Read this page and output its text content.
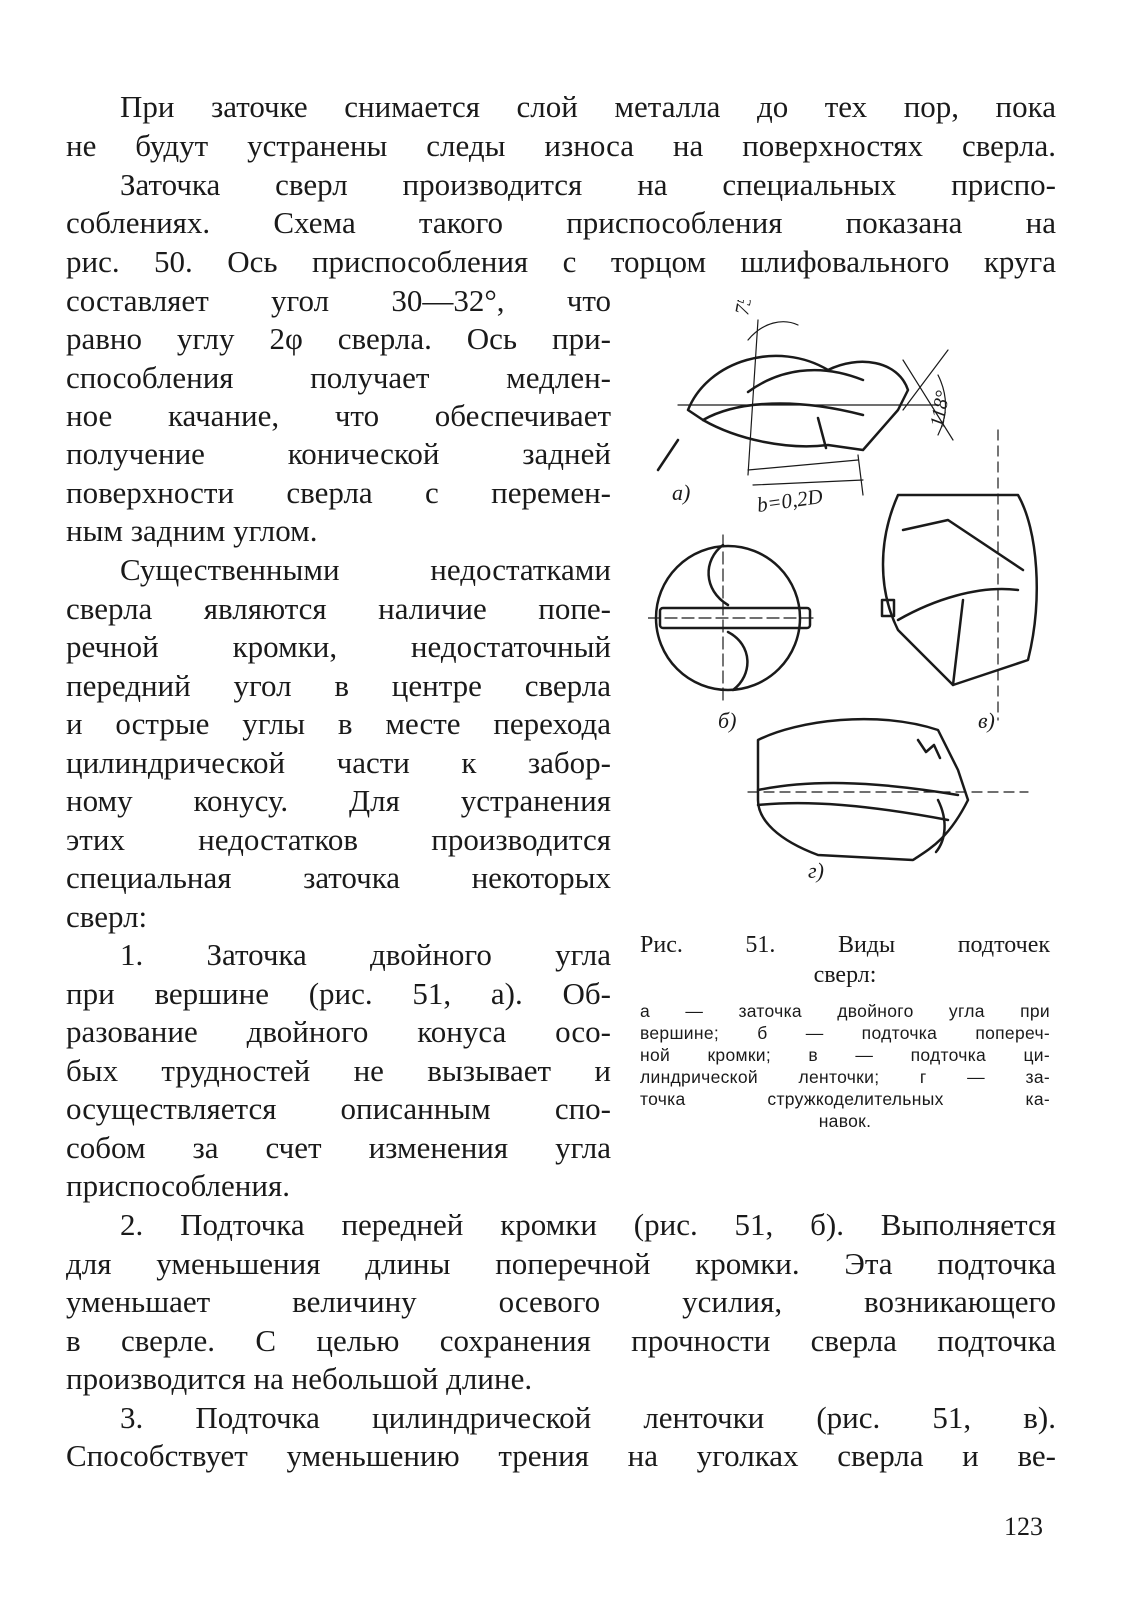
При заточке снимается слой металла до тех пор, пока

не будут устранены следы износа на поверхностях сверла.

Заточка сверл производится на специальных приспо-

соблениях. Схема такого приспособления показана на

рис. 50. Ось приспособления с торцом шлифовального круга

составляет угол 30—32°, что

равно углу 2φ сверла. Ось при-

способления получает медлен-

ное качание, что обеспечивает

получение конической задней

поверхности сверла с перемен-

ным задним углом.

Существенными недостатками

сверла являются наличие попе-

речной кромки, недостаточный

передний угол в центре сверла

и острые углы в месте перехода

цилиндрической части к забор-

ному конусу. Для устранения

этих недостатков производится

специальная заточка некоторых

сверл:

1. Заточка двойного угла

при вершине (рис. 51, а). Об-

разование двойного конуса осо-

бых трудностей не вызывает и

осуществляется описанным спо-

собом за счет изменения угла

приспособления.

2. Подточка передней кромки (рис. 51, б). Выполняется

для уменьшения длины поперечной кромки. Эта подточка

уменьшает величину осевого усилия, возникающего

в сверле. С целью сохранения прочности сверла подточка

производится на небольшой длине.

3. Подточка цилиндрической ленточки (рис. 51, в).

Способствует уменьшению трения на уголках сверла и ве-

а)
75°
118°
b=0,2D
б)	в)
г)
Рис. 51. Виды подточек
сверл:
а — заточка двойного угла при
вершине; б — подточка попереч-
ной кромки; в — подточка ци-
линдрической ленточки; г — за-
точка стружкоделительных ка-
навок.
123
